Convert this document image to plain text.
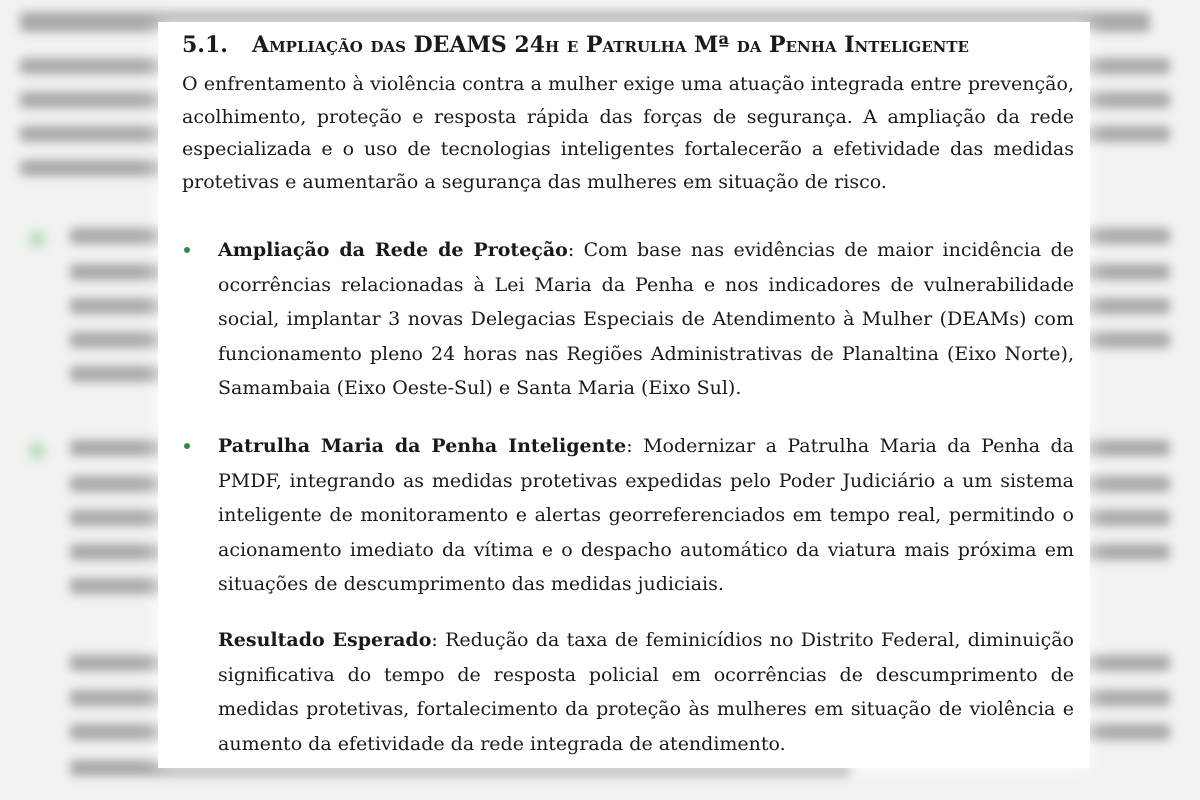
5.1. Ampliação das DEAMS 24h e Patrulha Mª da Penha Inteligente

O enfrentamento à violência contra a mulher exige uma atuação integrada entre prevenção, acolhimento, proteção e resposta rápida das forças de segurança. A ampliação da rede especializada e o uso de tecnologias inteligentes fortalecerão a efetividade das medidas protetivas e aumentarão a segurança das mulheres em situação de risco.

Ampliação da Rede de Proteção: Com base nas evidências de maior incidência de ocorrências relacionadas à Lei Maria da Penha e nos indicadores de vulnerabilidade social, implantar 3 novas Delegacias Especiais de Atendimento à Mulher (DEAMs) com funcionamento pleno 24 horas nas Regiões Administrativas de Planaltina (Eixo Norte), Samambaia (Eixo Oeste-Sul) e Santa Maria (Eixo Sul).

Patrulha Maria da Penha Inteligente: Modernizar a Patrulha Maria da Penha da PMDF, integrando as medidas protetivas expedidas pelo Poder Judiciário a um sistema inteligente de monitoramento e alertas georreferenciados em tempo real, permitindo o acionamento imediato da vítima e o despacho automático da viatura mais próxima em situações de descumprimento das medidas judiciais.

Resultado Esperado: Redução da taxa de feminicídios no Distrito Federal, diminuição significativa do tempo de resposta policial em ocorrências de descumprimento de medidas protetivas, fortalecimento da proteção às mulheres em situação de violência e aumento da efetividade da rede integrada de atendimento.
